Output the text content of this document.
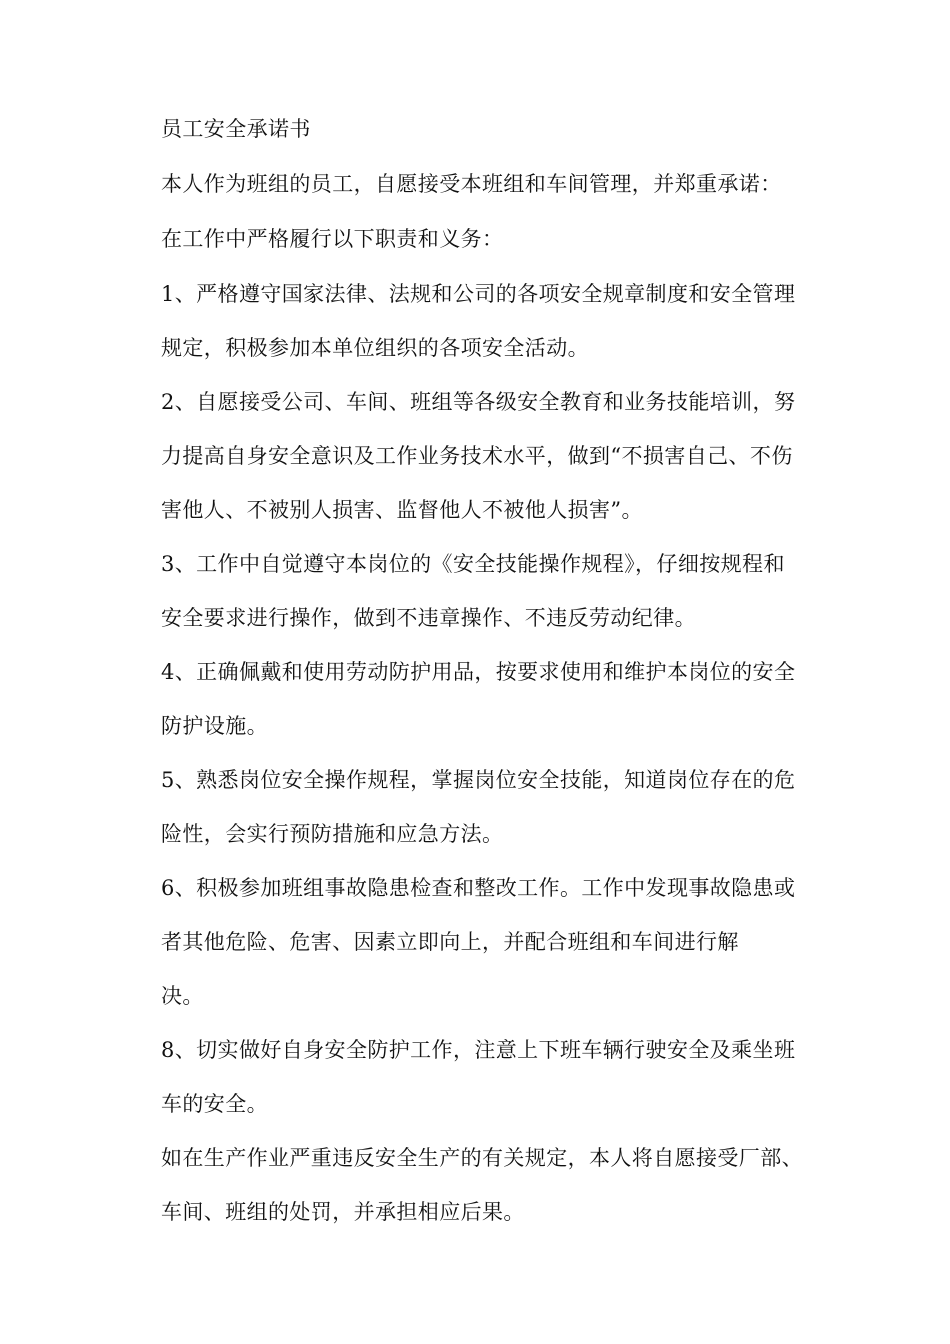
员工安全承诺书
本人作为班组的员工，自愿接受本班组和车间管理，并郑重承诺：
在工作中严格履行以下职责和义务：
1、严格遵守国家法律、法规和公司的各项安全规章制度和安全管理
规定，积极参加本单位组织的各项安全活动。
2、自愿接受公司、车间、班组等各级安全教育和业务技能培训，努
力提高自身安全意识及工作业务技术水平，做到“不损害自己、不伤
害他人、不被别人损害、监督他人不被他人损害”。
3、工作中自觉遵守本岗位的《安全技能操作规程》，仔细按规程和
安全要求进行操作，做到不违章操作、不违反劳动纪律。
4、正确佩戴和使用劳动防护用品，按要求使用和维护本岗位的安全
防护设施。
5、熟悉岗位安全操作规程，掌握岗位安全技能，知道岗位存在的危
险性，会实行预防措施和应急方法。
6、积极参加班组事故隐患检查和整改工作。工作中发现事故隐患或
者其他危险、危害、因素立即向上，并配合班组和车间进行解
决。
8、切实做好自身安全防护工作，注意上下班车辆行驶安全及乘坐班
车的安全。
如在生产作业严重违反安全生产的有关规定，本人将自愿接受厂部、
车间、班组的处罚，并承担相应后果。
